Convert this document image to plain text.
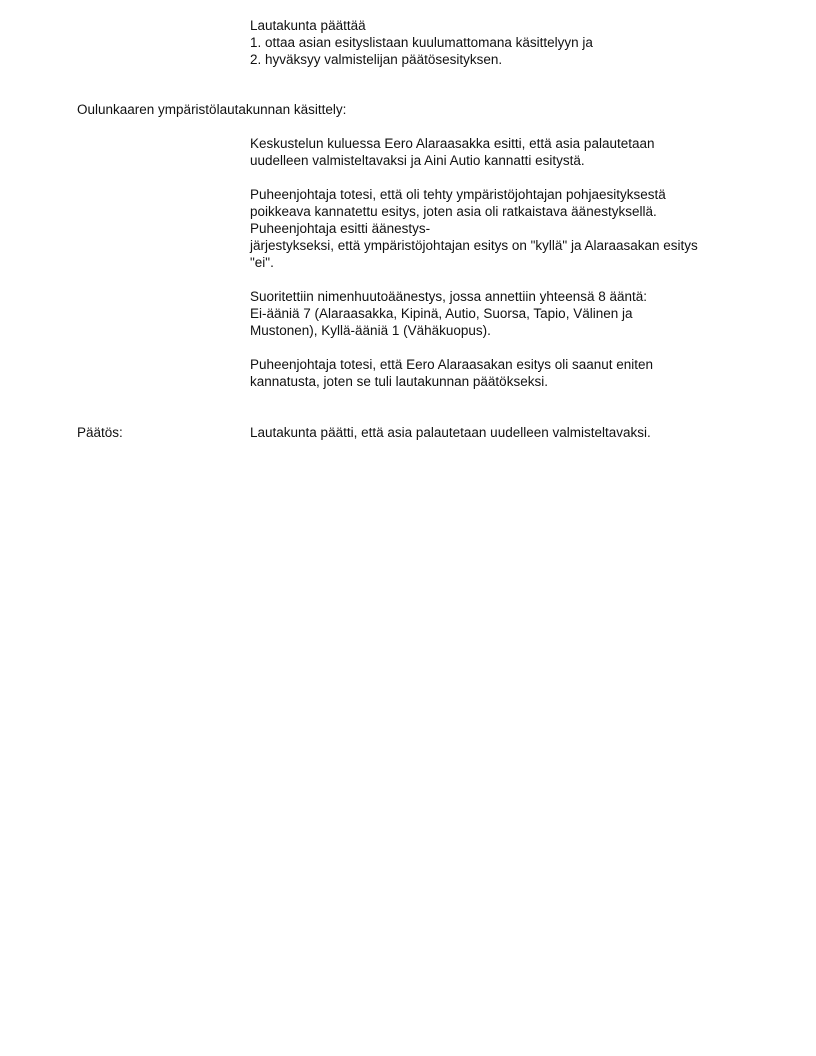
Lautakunta päättää

1. ottaa asian esityslistaan kuulumattomana käsittelyyn ja

2. hyväksyy valmistelijan päätösesityksen.

Oulunkaaren ympäristölautakunnan käsittely:

Keskustelun kuluessa Eero Alaraasakka esitti, että asia palautetaan

uudelleen valmisteltavaksi ja Aini Autio kannatti esitystä.

Puheenjohtaja totesi, että oli tehty ympäristöjohtajan pohjaesityksestä

poikkeava kannatettu esitys, joten asia oli ratkaistava äänestyksellä.

Puheenjohtaja esitti äänestys-

järjestykseksi, että ympäristöjohtajan esitys on "kyllä" ja Alaraasakan esitys

"ei".

Suoritettiin nimenhuutoäänestys, jossa annettiin yhteensä 8 ääntä:

Ei-ääniä 7 (Alaraasakka, Kipinä, Autio, Suorsa, Tapio, Välinen ja

Mustonen), Kyllä-ääniä 1 (Vähäkuopus).

Puheenjohtaja totesi, että Eero Alaraasakan esitys oli saanut eniten

kannatusta, joten se tuli lautakunnan päätökseksi.

Päätös:	Lautakunta päätti, että asia palautetaan uudelleen valmisteltavaksi.
